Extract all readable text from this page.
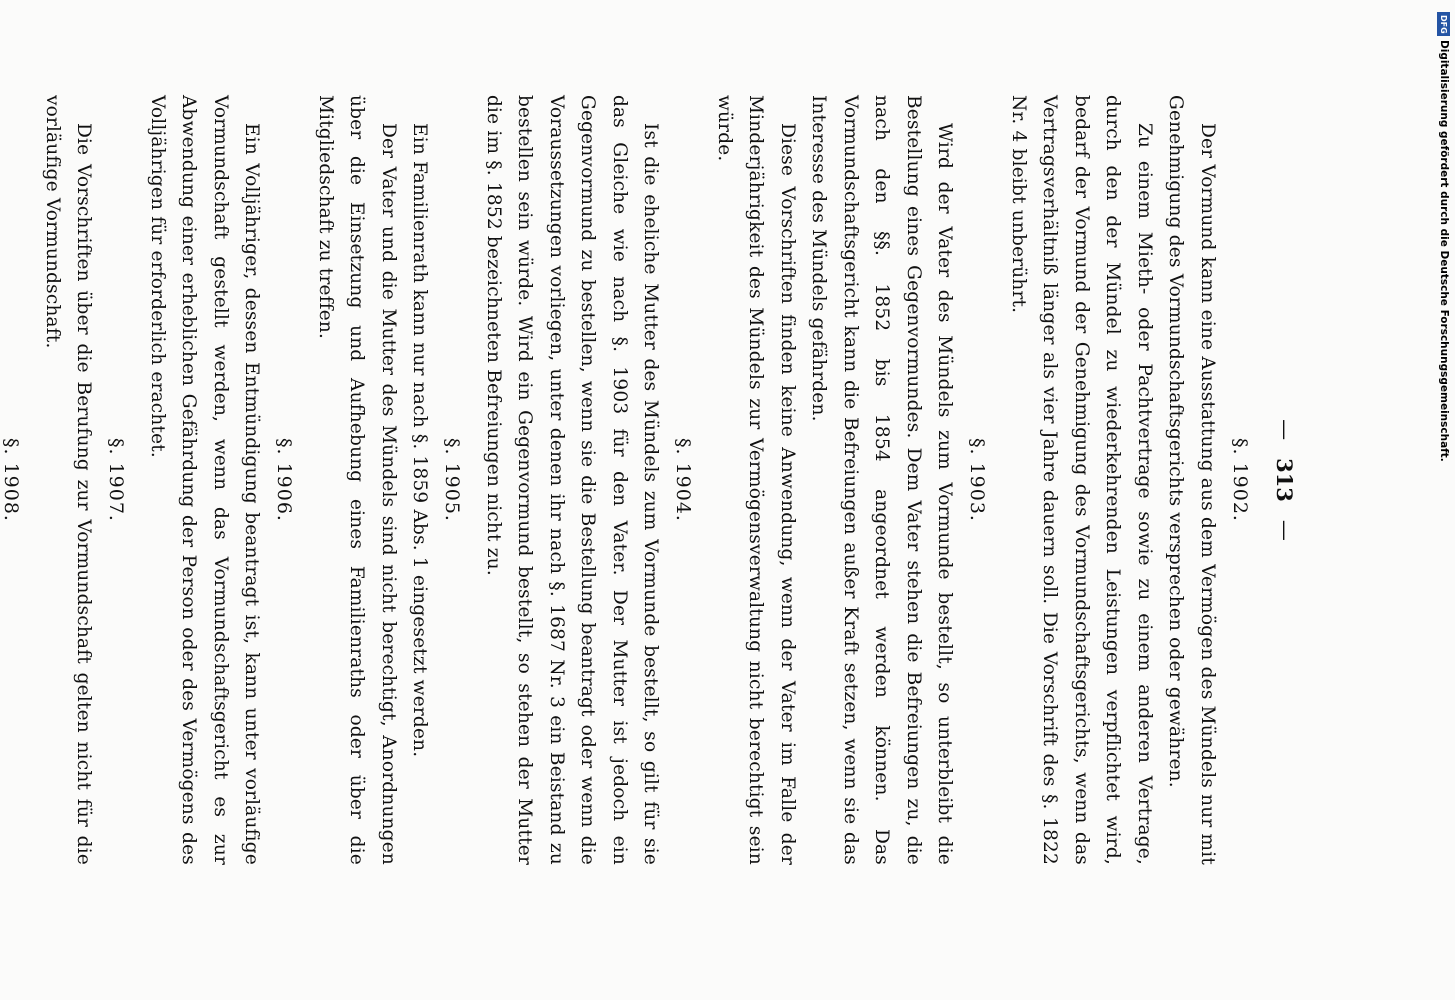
—
313
—
§. 1902.

Der Vormund kann eine Ausstattung aus dem Vermögen des Mündels nur mit Genehmigung des Vormundschaftsgerichts versprechen oder gewähren.

Zu einem Mieth- oder Pachtvertrage sowie zu einem anderen Vertrage, durch den der Mündel zu wiederkehrenden Leistungen verpflichtet wird, bedarf der Vormund der Genehmigung des Vormundschaftsgerichts, wenn das Vertragsverhältniß länger als vier Jahre dauern soll. Die Vorschrift des §. 1822 Nr. 4 bleibt unberührt.

§. 1903.

Wird der Vater des Mündels zum Vormunde bestellt, so unterbleibt die Bestellung eines Gegenvormundes. Dem Vater stehen die Befreiungen zu, die nach den §§. 1852 bis 1854 angeordnet werden können. Das Vormundschaftsgericht kann die Befreiungen außer Kraft setzen, wenn sie das Interesse des Mündels gefährden.

Diese Vorschriften finden keine Anwendung, wenn der Vater im Falle der Minderjährigkeit des Mündels zur Vermögensverwaltung nicht berechtigt sein würde.

§. 1904.

Ist die eheliche Mutter des Mündels zum Vormunde bestellt, so gilt für sie das Gleiche wie nach §. 1903 für den Vater. Der Mutter ist jedoch ein Gegenvormund zu bestellen, wenn sie die Bestellung beantragt oder wenn die Voraussetzungen vorliegen, unter denen ihr nach §. 1687 Nr. 3 ein Beistand zu bestellen sein würde. Wird ein Gegenvormund bestellt, so stehen der Mutter die im §. 1852 bezeichneten Befreiungen nicht zu.

§. 1905.

Ein Familienrath kann nur nach §. 1859 Abs. 1 eingesetzt werden.

Der Vater und die Mutter des Mündels sind nicht berechtigt, Anordnungen über die Einsetzung und Aufhebung eines Familienraths oder über die Mitgliedschaft zu treffen.

§. 1906.

Ein Volljähriger, dessen Entmündigung beantragt ist, kann unter vorläufige Vormundschaft gestellt werden, wenn das Vormundschaftsgericht es zur Abwendung einer erheblichen Gefährdung der Person oder des Vermögens des Volljährigen für erforderlich erachtet.

§. 1907.

Die Vorschriften über die Berufung zur Vormundschaft gelten nicht für die vorläufige Vormundschaft.

§. 1908.

DFG
Digitalisierung gefördert durch die Deutsche Forschungsgemeinschaft.
